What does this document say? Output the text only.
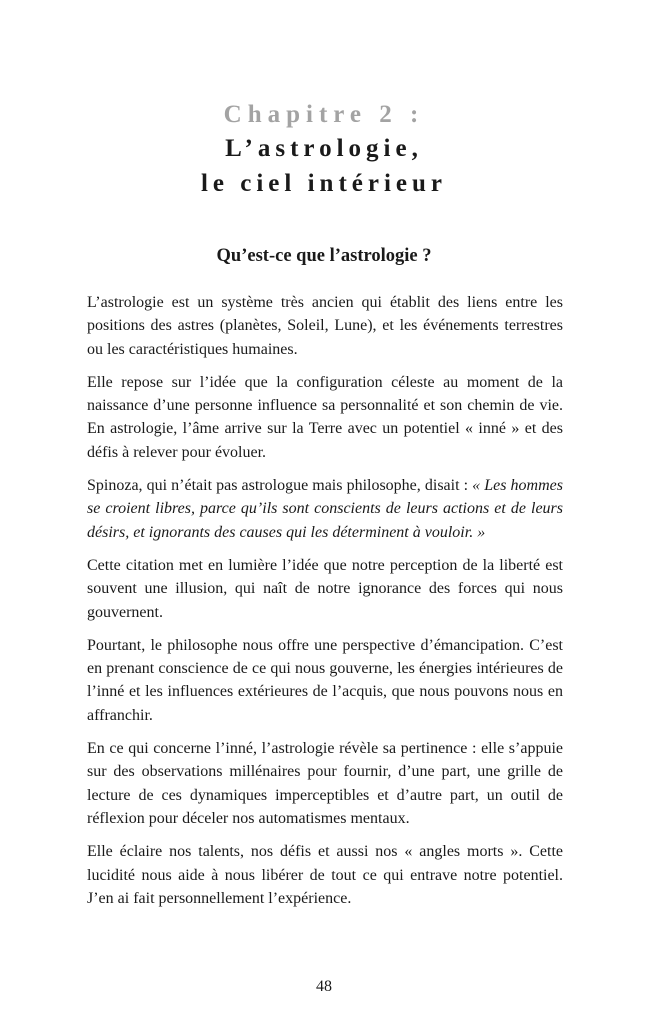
Chapitre 2 :
L’astrologie,
le ciel intérieur
Qu’est-ce que l’astrologie ?

L’astrologie est un système très ancien qui établit des liens entre les positions des astres (planètes, Soleil, Lune), et les événements terrestres ou les caractéristiques humaines.

Elle repose sur l’idée que la configuration céleste au moment de la naissance d’une personne influence sa personnalité et son chemin de vie. En astrologie, l’âme arrive sur la Terre avec un potentiel « inné » et des défis à relever pour évoluer.

Spinoza, qui n’était pas astrologue mais philosophe, disait : « Les hommes se croient libres, parce qu’ils sont conscients de leurs actions et de leurs désirs, et ignorants des causes qui les déterminent à vouloir. »

Cette citation met en lumière l’idée que notre perception de la liberté est souvent une illusion, qui naît de notre ignorance des forces qui nous gouvernent.

Pourtant, le philosophe nous offre une perspective d’émancipation. C’est en prenant conscience de ce qui nous gouverne, les énergies intérieures de l’inné et les influences extérieures de l’acquis, que nous pouvons nous en affranchir.

En ce qui concerne l’inné, l’astrologie révèle sa pertinence : elle s’appuie sur des observations millénaires pour fournir, d’une part, une grille de lecture de ces dynamiques imperceptibles et d’autre part, un outil de réflexion pour déceler nos automatismes mentaux.

Elle éclaire nos talents, nos défis et aussi nos « angles morts ». Cette lucidité nous aide à nous libérer de tout ce qui entrave notre potentiel. J’en ai fait personnellement l’expérience.

48
